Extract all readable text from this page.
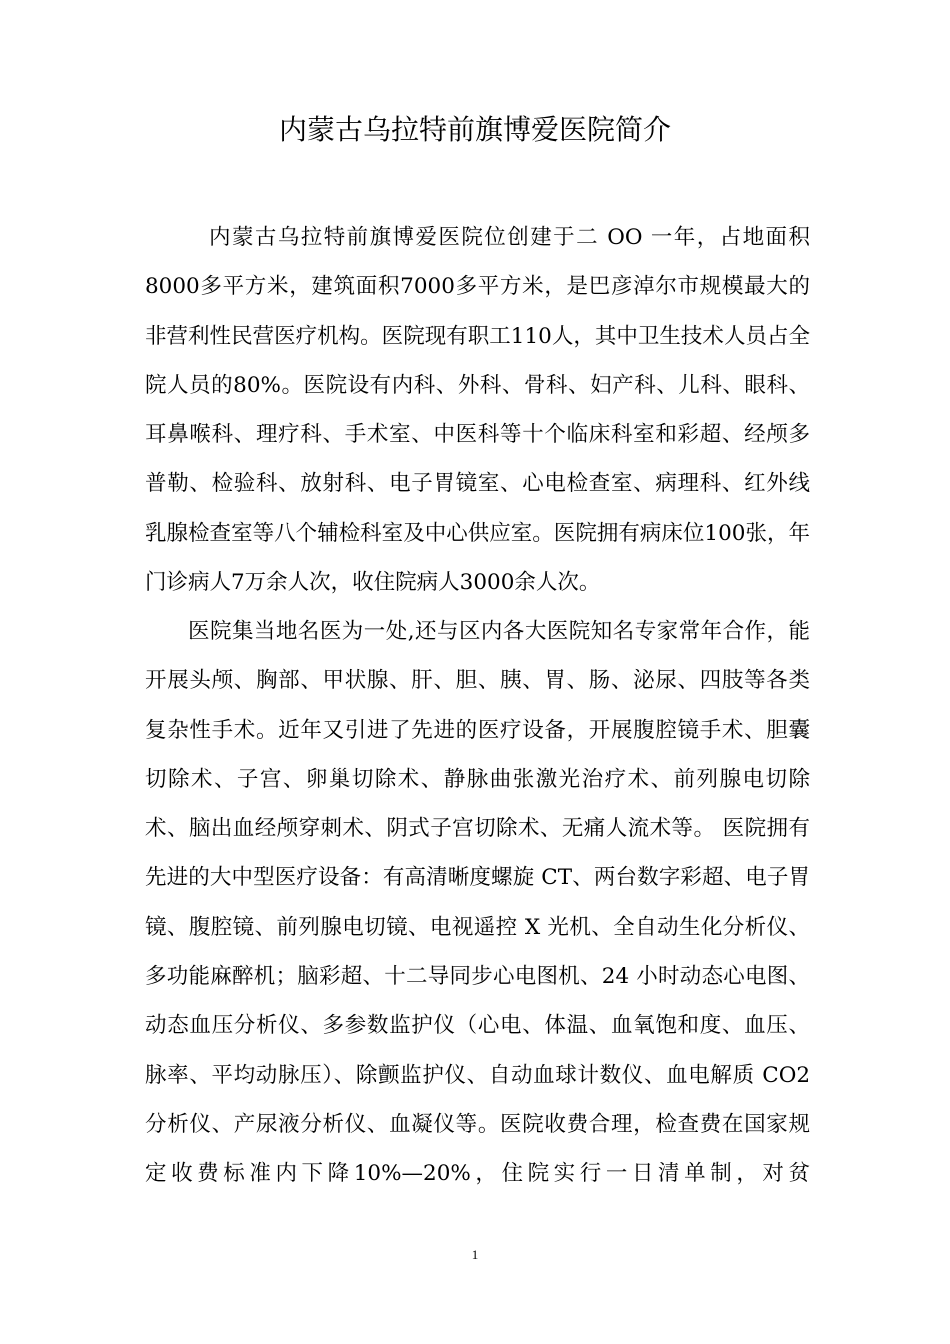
内蒙古乌拉特前旗博爱医院简介

内蒙古乌拉特前旗博爱医院位创建于二 OO 一年，占地面积8000多平方米，建筑面积7000多平方米，是巴彦淖尔市规模最大的非营利性民营医疗机构。医院现有职工110人，其中卫生技术人员占全院人员的80%。医院设有内科、外科、骨科、妇产科、儿科、眼科、耳鼻喉科、理疗科、手术室、中医科等十个临床科室和彩超、经颅多普勒、检验科、放射科、电子胃镜室、心电检查室、病理科、红外线乳腺检查室等八个辅检科室及中心供应室。医院拥有病床位100张，年门诊病人7万余人次，收住院病人3000余人次。

医院集当地名医为一处,还与区内各大医院知名专家常年合作，能开展头颅、胸部、甲状腺、肝、胆、胰、胃、肠、泌尿、四肢等各类复杂性手术。近年又引进了先进的医疗设备，开展腹腔镜手术、胆囊切除术、子宫、卵巢切除术、静脉曲张激光治疗术、前列腺电切除术、脑出血经颅穿刺术、阴式子宫切除术、无痛人流术等。 医院拥有先进的大中型医疗设备：有高清晰度螺旋 CT、两台数字彩超、电子胃镜、腹腔镜、前列腺电切镜、电视遥控 X 光机、全自动生化分析仪、多功能麻醉机；脑彩超、十二导同步心电图机、24 小时动态心电图、动态血压分析仪、多参数监护仪（心电、体温、血氧饱和度、血压、脉率、平均动脉压）、除颤监护仪、自动血球计数仪、血电解质 CO2 分析仪、产尿液分析仪、血凝仪等。医院收费合理，检查费在国家规定收费标准内下降10%—20%，住院实行一日清单制，对贫

1
